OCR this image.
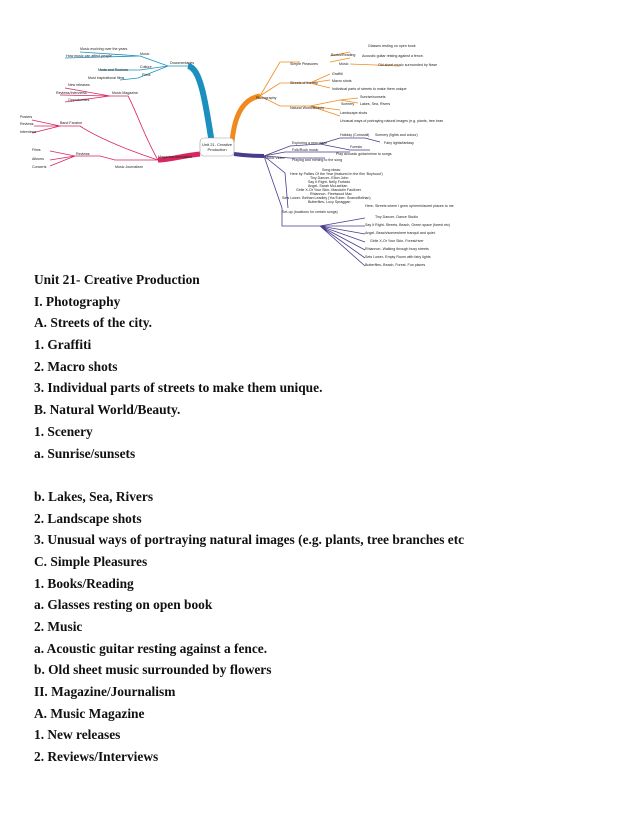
Documentaries
Music
Music evolving over the years
How music can affect people
Culture
Mods and Rockers
Films
Most inspirational films
Magazine/Journalism
Music Magazine
New releases
Reviews/Interviews
Opportunities
Band Fanzine
Posters
Reviews
Interviews
Music Journalism
Reviews
Films
Albums
Concerts
Photography
Simple Pleasures
Books/Reading
Glasses resting on open book
Music
Acoustic guitar resting against a fence.
Old sheet music surrounded by flowe
Streets of the city
Graffiti
Macro shots
Individual parts of streets to make them unique
Natural World/Beauty
Scenery
Sunrise/sunsets
Lakes, Sea, Rivers
Landscape shots
Unusual ways of portraying natural images (e.g. plants, tree bran
Music Video
Exploring a new place
Holiday (Cornwall) Scenery (lights and colour)
Fairy lights/fantasy
Forests
Folk/Rock music
Play acoustic guitar/mime to songs
Playing and miming to the song
Song ideas:
Here by Pallies Of the Year (featured in the film 'Boyhood')
Tiny Dancer- Elton John
Say It Right- Nelly Furtado
Angel- Sarah McLachlan
Girlie X-Or Your Skin- Mandolin Faulkner
Rhiannon- Fleetwood Mac
Sets Lower- Bethan Leadley (YouTuber- ScarceBethan)
Butterflies- Lucy Spraggan
Set-up (locations for certain songs)
Here- Streets where I grew up/reminiscent places to me
Tiny Dancer- Dance Studio
Say It Right- Streets, Beach, Green space (forest etc)
Angel- Beach/somewhere tranquil and quiet.
Girlie X-Or Your Skin- Forest/river
Rhiannon- Walking through busy streets
Sets Lower- Empty Room with fairy lights
Butterflies- Beach, Forest, Fun places
Unit 21- Creative
Production
Unit 21- Creative Production
I. Photography
A. Streets of the city.
1. Graffiti
2. Macro shots
3. Individual parts of streets to make them unique.
B. Natural World/Beauty.
1. Scenery
a. Sunrise/sunsets
b. Lakes, Sea, Rivers
2. Landscape shots
3. Unusual ways of portraying natural images (e.g. plants, tree branches etc
C. Simple Pleasures
1. Books/Reading
a. Glasses resting on open book
2. Music
a. Acoustic guitar resting against a fence.
b. Old sheet music surrounded by flowers
II. Magazine/Journalism
A. Music Magazine
1. New releases
2. Reviews/Interviews
